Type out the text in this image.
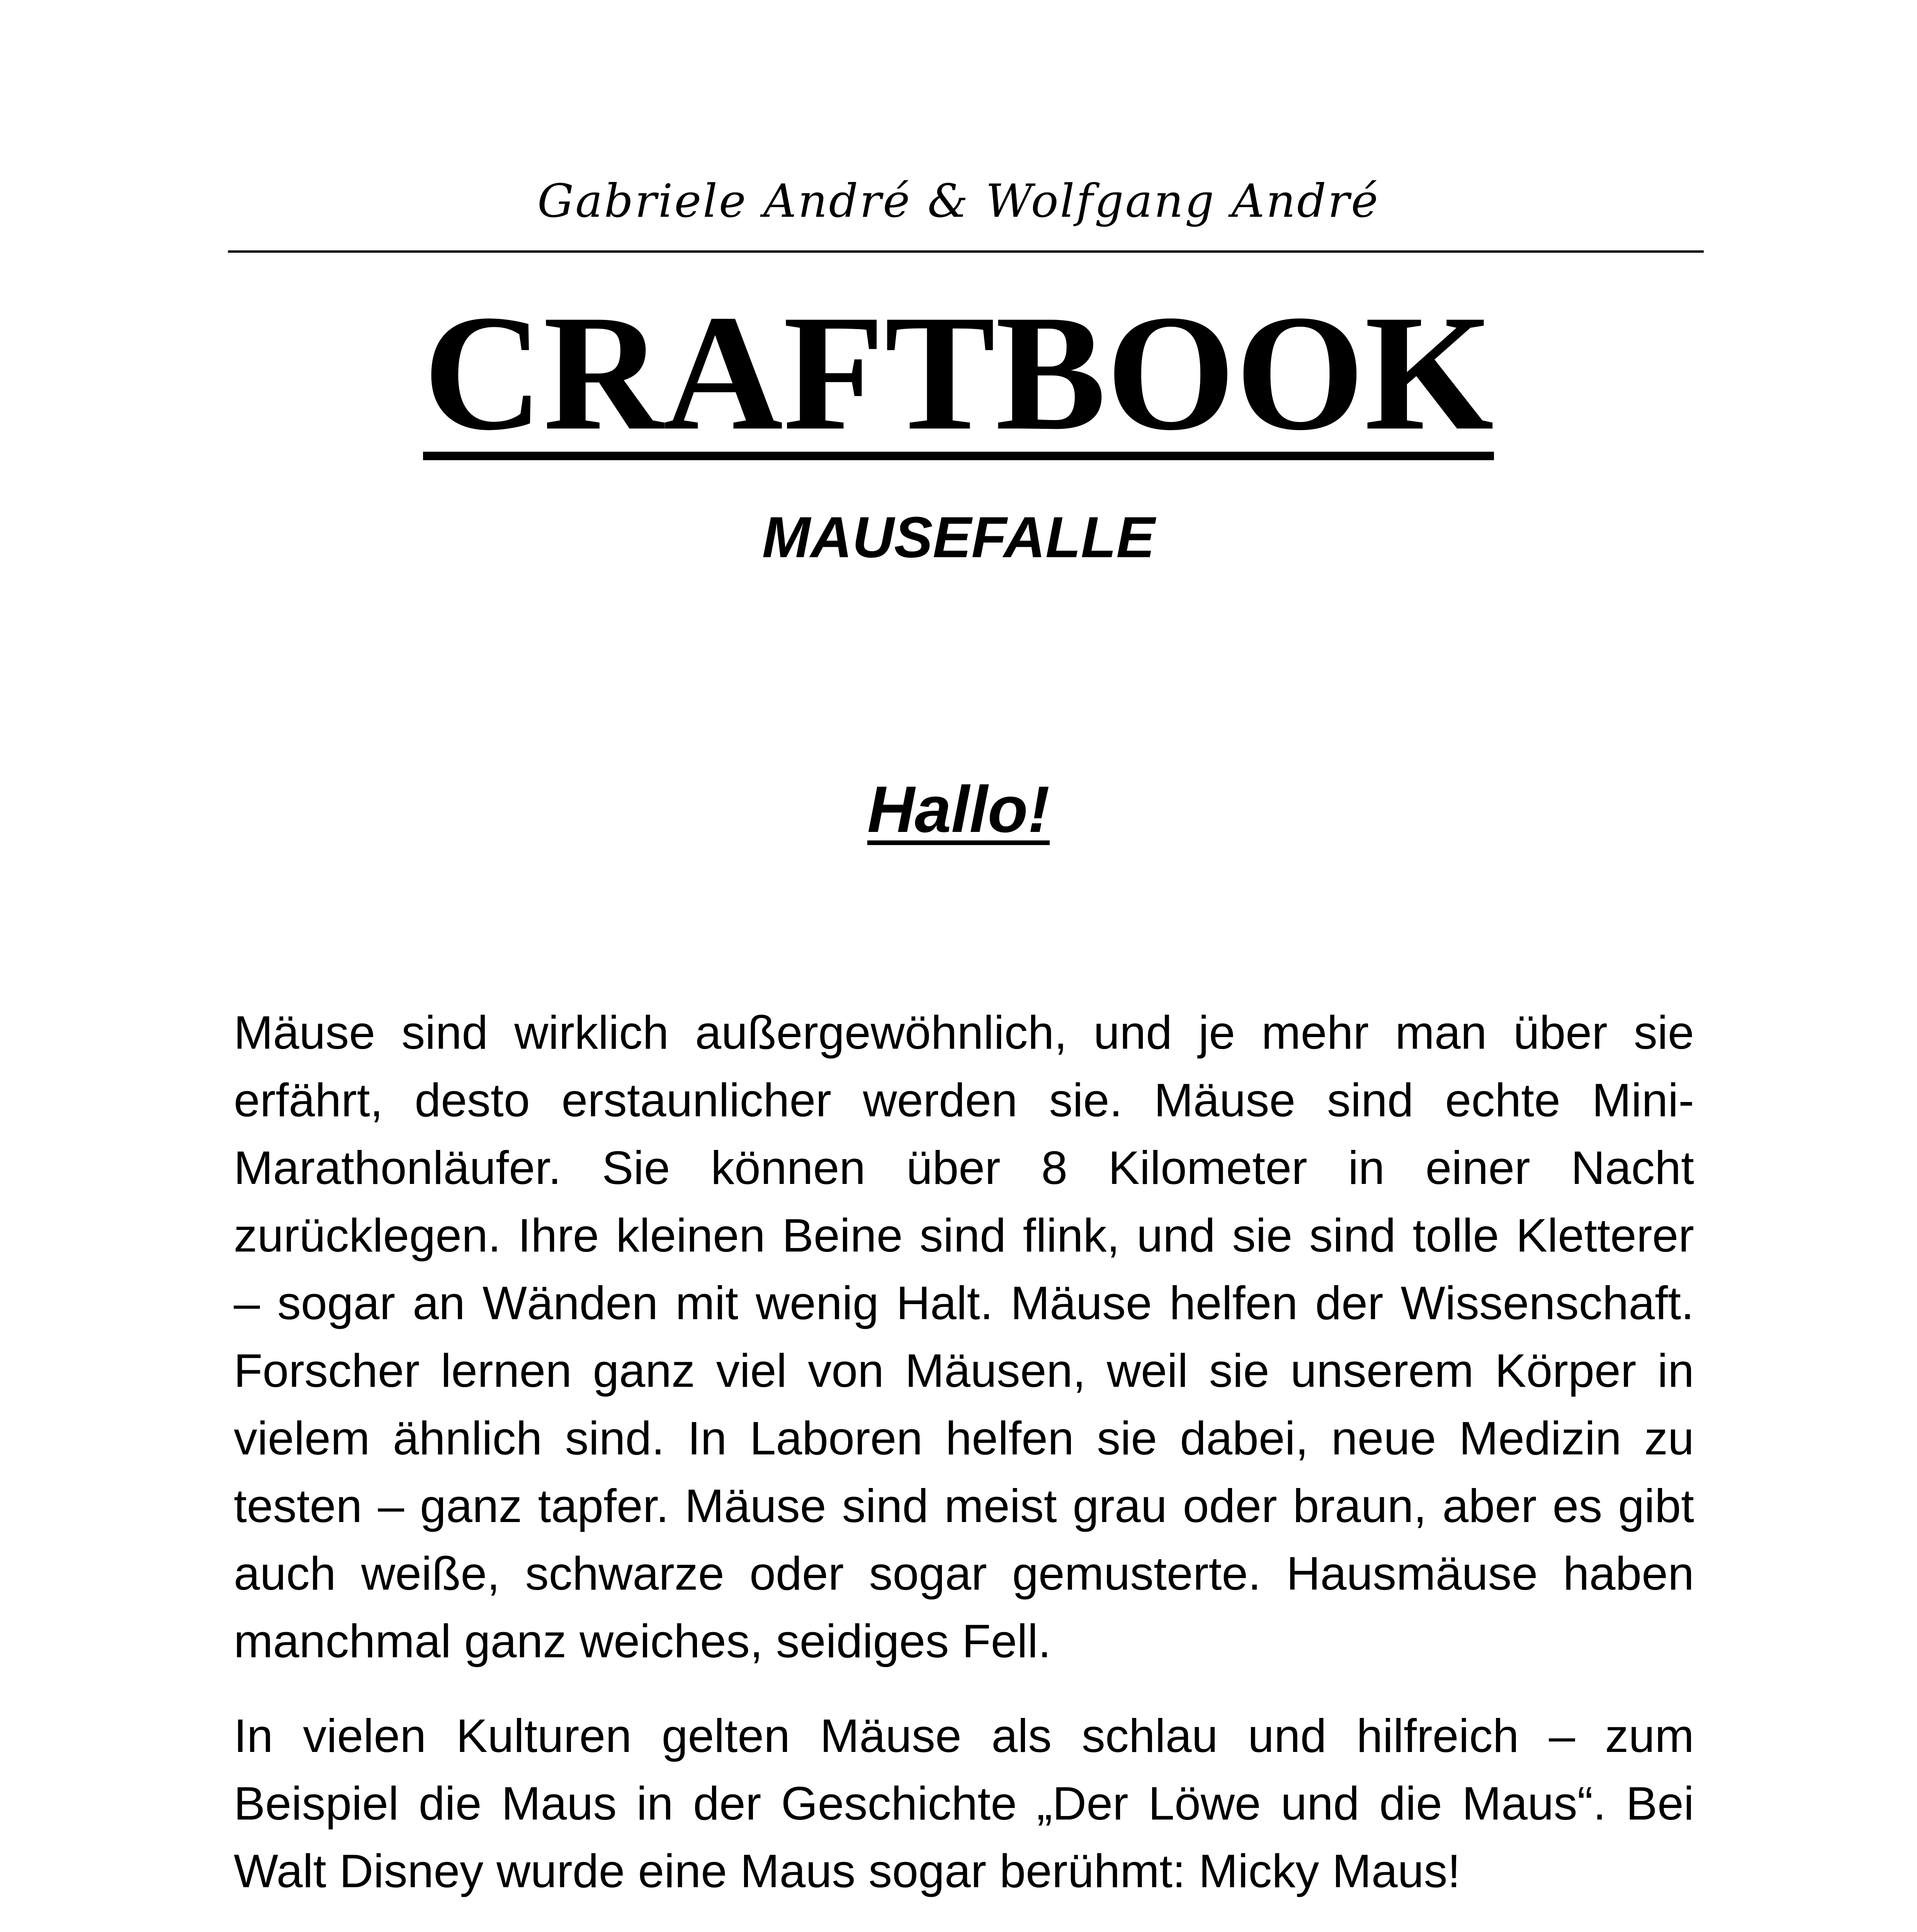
Gabriele André & Wolfgang André
CRAFTBOOK
MAUSEFALLE
Hallo!

Mäuse sind wirklich außergewöhnlich, und je mehr man über sie erfährt, desto erstaunlicher werden sie. Mäuse sind echte Mini-Marathonläufer. Sie können über 8 Kilometer in einer Nacht zurücklegen. Ihre kleinen Beine sind flink, und sie sind tolle Kletterer – sogar an Wänden mit wenig Halt. Mäuse helfen der Wissenschaft. Forscher lernen ganz viel von Mäusen, weil sie unserem Körper in vielem ähnlich sind. In Laboren helfen sie dabei, neue Medizin zu testen – ganz tapfer. Mäuse sind meist grau oder braun, aber es gibt auch weiße, schwarze oder sogar gemusterte. Hausmäuse haben manchmal ganz weiches, seidiges Fell.

In vielen Kulturen gelten Mäuse als schlau und hilfreich – zum Beispiel die Maus in der Geschichte „Der Löwe und die Maus“. Bei Walt Disney wurde eine Maus sogar berühmt: Micky Maus!
